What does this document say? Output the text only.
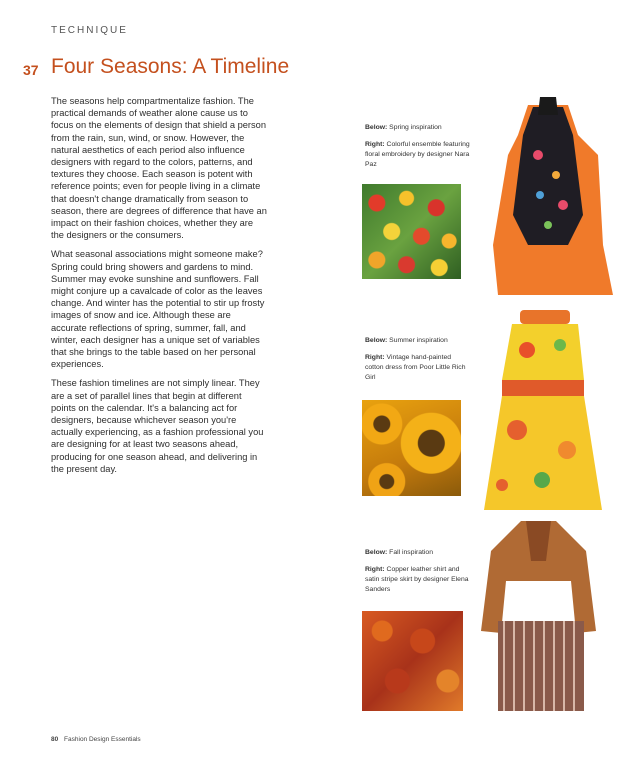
TECHNIQUE
37 Four Seasons: A Timeline

The seasons help compartmentalize fashion. The practical demands of weather alone cause us to focus on the elements of design that shield a person from the rain, sun, wind, or snow. However, the natural aesthetics of each period also influence designers with regard to the colors, patterns, and textures they choose. Each season is potent with reference points; even for people living in a climate that doesn't change dramatically from season to season, there are degrees of difference that have an impact on their fashion choices, whether they are the designers or the consumers.

What seasonal associations might someone make? Spring could bring showers and gardens to mind. Summer may evoke sunshine and sunflowers. Fall might conjure up a cavalcade of color as the leaves change. And winter has the potential to stir up frosty images of snow and ice. Although these are accurate reflections of spring, summer, fall, and winter, each designer has a unique set of variables that she brings to the table based on her personal experiences.

These fashion timelines are not simply linear. They are a set of parallel lines that begin at different points on the calendar. It's a balancing act for designers, because whichever season you're actually experiencing, as a fashion professional you are designing for at least two seasons ahead, producing for one season ahead, and delivering in the present day.

Below: Spring inspiration

Right: Colorful ensemble featuring floral embroidery by designer Nara Paz

Below: Summer inspiration

Right: Vintage hand-painted cotton dress from Poor Little Rich Girl

Below: Fall inspiration

Right: Copper leather shirt and satin stripe skirt by designer Elena Sanders

80 Fashion Design Essentials
